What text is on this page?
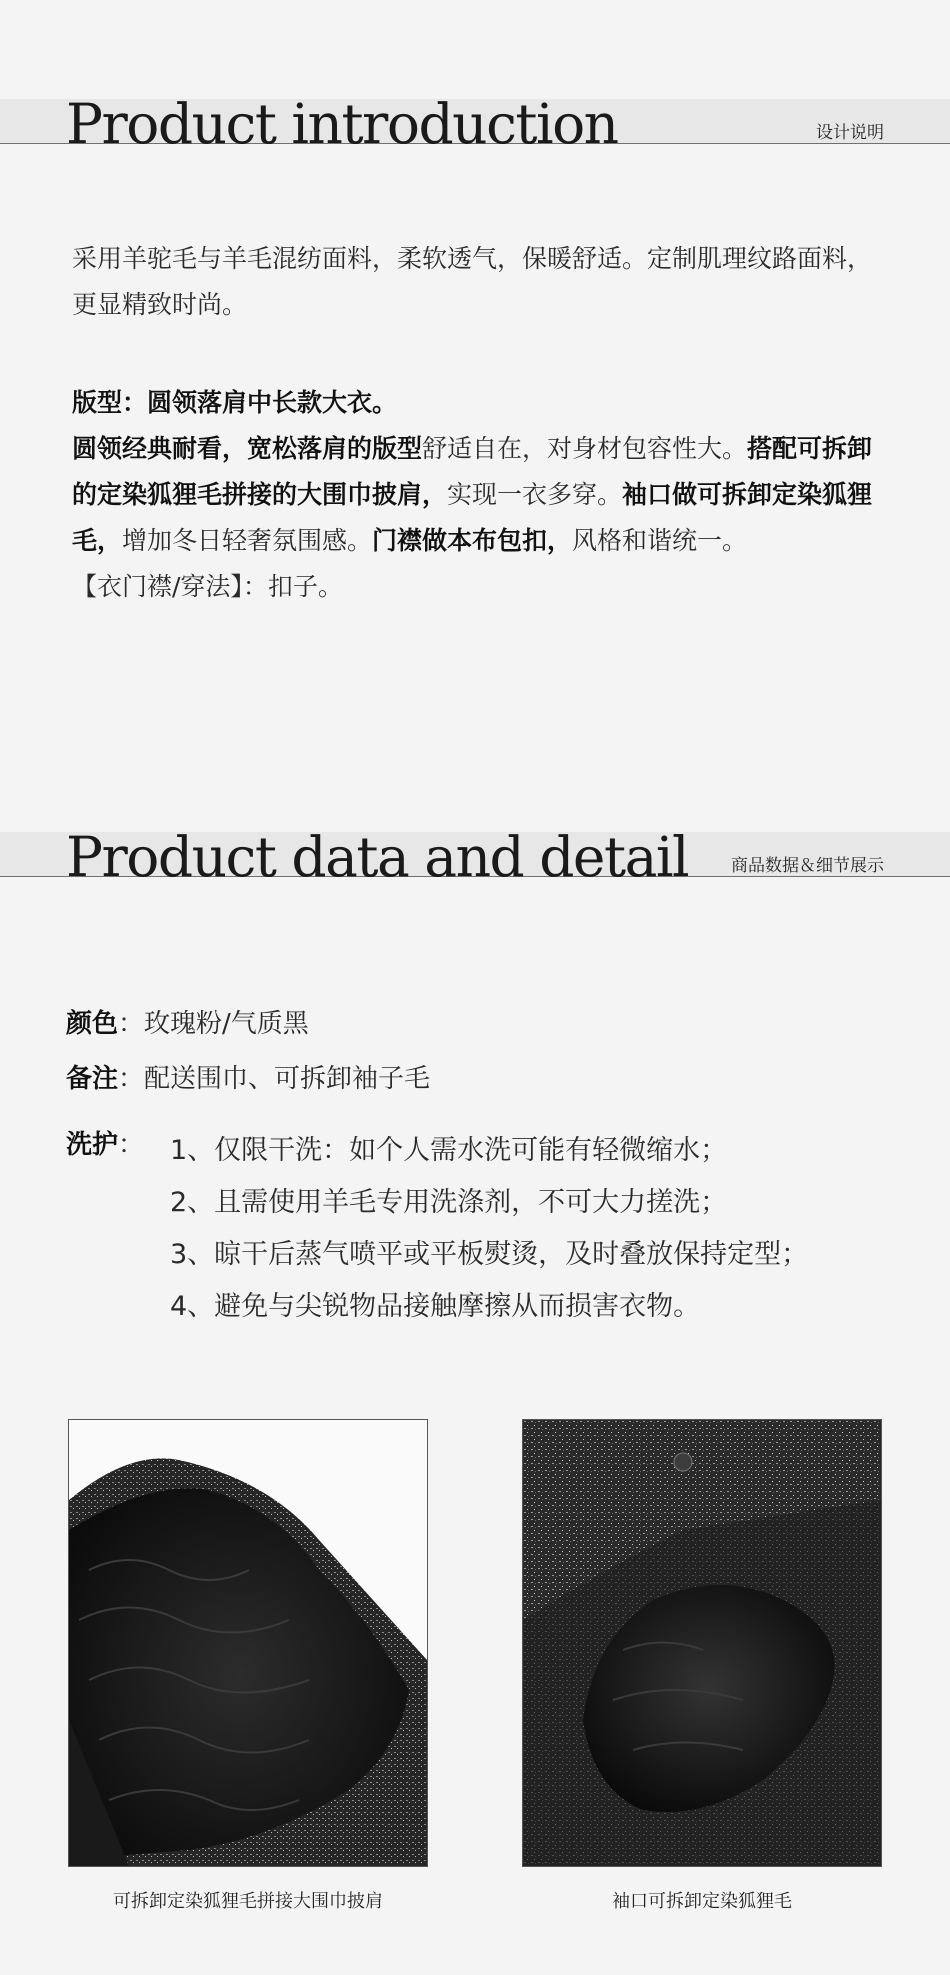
Product introduction	设计说明

采用羊驼毛与羊毛混纺面料，柔软透气，保暖舒适。定制肌理纹路面料，更显精致时尚。

版型：圆领落肩中长款大衣。

圆领经典耐看，宽松落肩的版型舒适自在，对身材包容性大。搭配可拆卸的定染狐狸毛拼接的大围巾披肩，实现一衣多穿。袖口做可拆卸定染狐狸毛，增加冬日轻奢氛围感。门襟做本布包扣，风格和谐统一。

【衣门襟/穿法】：扣子。

Product data and detail	商品数据＆细节展示
颜色：玫瑰粉/气质黑
备注：配送围巾、可拆卸袖子毛
洗护： 1、仅限干洗：如个人需水洗可能有轻微缩水；
2、且需使用羊毛专用洗涤剂，不可大力搓洗；
3、晾干后蒸气喷平或平板熨烫，及时叠放保持定型；
4、避免与尖锐物品接触摩擦从而损害衣物。
可拆卸定染狐狸毛拼接大围巾披肩	袖口可拆卸定染狐狸毛
